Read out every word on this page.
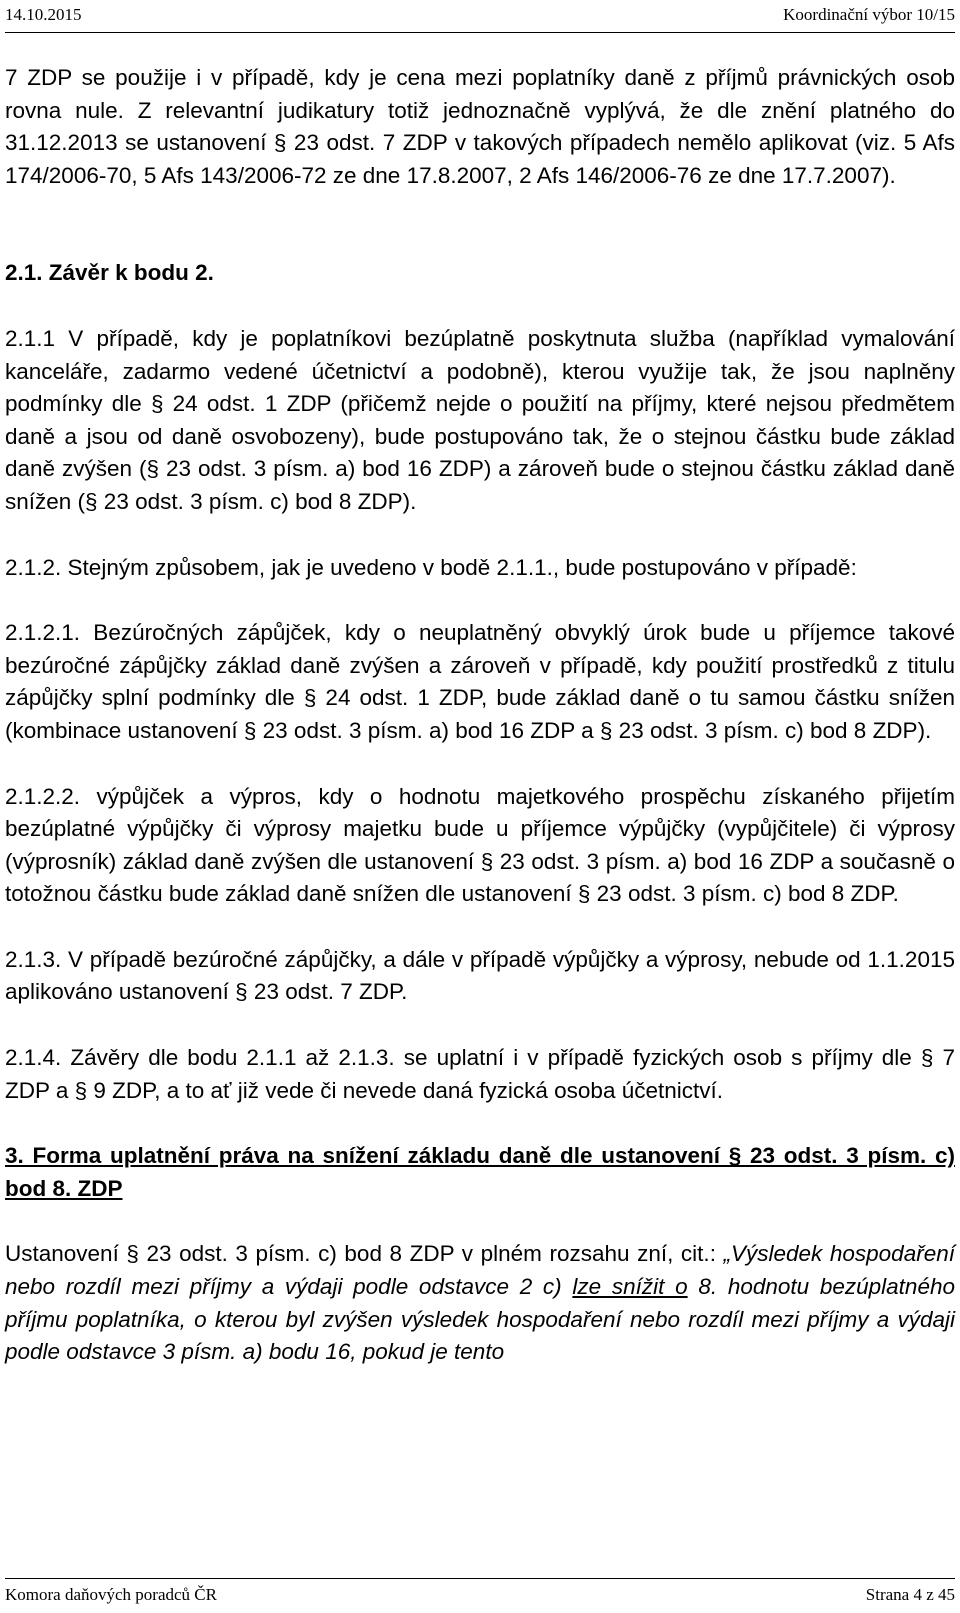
14.10.2015	Koordinační výbor 10/15

7 ZDP se použije i v případě, kdy je cena mezi poplatníky daně z příjmů právnických osob rovna nule. Z relevantní judikatury totiž jednoznačně vyplývá, že dle znění platného do 31.12.2013 se ustanovení § 23 odst. 7 ZDP v takových případech nemělo aplikovat (viz. 5 Afs 174/2006-70, 5 Afs 143/2006-72 ze dne 17.8.2007, 2 Afs 146/2006-76 ze dne 17.7.2007).

2.1. Závěr k bodu 2.

2.1.1 V případě, kdy je poplatníkovi bezúplatně poskytnuta služba (například vymalování kanceláře, zadarmo vedené účetnictví a podobně), kterou využije tak, že jsou naplněny podmínky dle § 24 odst. 1 ZDP (přičemž nejde o použití na příjmy, které nejsou předmětem daně a jsou od daně osvobozeny), bude postupováno tak, že o stejnou částku bude základ daně zvýšen (§ 23 odst. 3 písm. a) bod 16 ZDP) a zároveň bude o stejnou částku základ daně snížen (§ 23 odst. 3 písm. c) bod 8 ZDP).

2.1.2. Stejným způsobem, jak je uvedeno v bodě 2.1.1., bude postupováno v případě:

2.1.2.1. Bezúročných zápůjček, kdy o neuplatněný obvyklý úrok bude u příjemce takové bezúročné zápůjčky základ daně zvýšen a zároveň v případě, kdy použití prostředků z titulu zápůjčky splní podmínky dle § 24 odst. 1 ZDP, bude základ daně o tu samou částku snížen (kombinace ustanovení § 23 odst. 3 písm. a) bod 16 ZDP a § 23 odst. 3 písm. c) bod 8 ZDP).

2.1.2.2. výpůjček a výpros, kdy o hodnotu majetkového prospěchu získaného přijetím bezúplatné výpůjčky či výprosy majetku bude u příjemce výpůjčky (vypůjčitele) či výprosy (výprosník) základ daně zvýšen dle ustanovení § 23 odst. 3 písm. a) bod 16 ZDP a současně o totožnou částku bude základ daně snížen dle ustanovení § 23 odst. 3 písm. c) bod 8 ZDP.

2.1.3. V případě bezúročné zápůjčky, a dále v případě výpůjčky a výprosy, nebude od 1.1.2015 aplikováno ustanovení § 23 odst. 7 ZDP.

2.1.4. Závěry dle bodu 2.1.1 až 2.1.3. se uplatní i v případě fyzických osob s příjmy dle § 7 ZDP a § 9 ZDP, a to ať již vede či nevede daná fyzická osoba účetnictví.

3. Forma uplatnění práva na snížení základu daně dle ustanovení § 23 odst. 3 písm. c) bod 8. ZDP

Ustanovení § 23 odst. 3 písm. c) bod 8 ZDP v plném rozsahu zní, cit.: „Výsledek hospodaření nebo rozdíl mezi příjmy a výdaji podle odstavce 2 c) lze snížit o 8. hodnotu bezúplatného příjmu poplatníka, o kterou byl zvýšen výsledek hospodaření nebo rozdíl mezi příjmy a výdaji podle odstavce 3 písm. a) bodu 16, pokud je tento

Komora daňových poradců ČR	Strana 4 z 45
